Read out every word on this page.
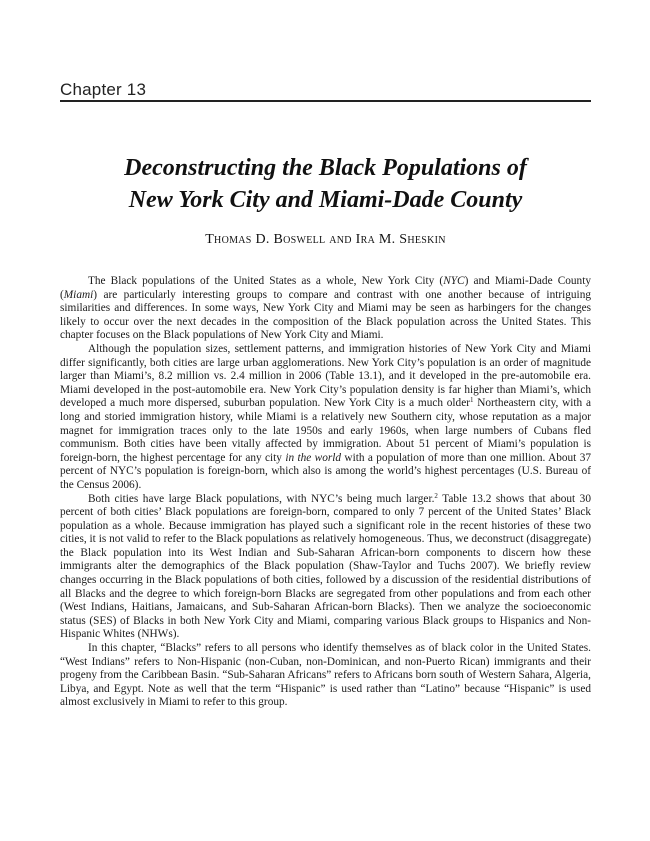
Chapter 13
Deconstructing the Black Populations of
New York City and Miami-Dade County
Thomas D. Boswell and Ira M. Sheskin

The Black populations of the United States as a whole, New York City (NYC) and Miami-Dade County (Miami) are particularly interesting groups to compare and contrast with one another because of intriguing similarities and differences. In some ways, New York City and Miami may be seen as harbingers for the changes likely to occur over the next decades in the composition of the Black population across the United States. This chapter focuses on the Black populations of New York City and Miami.

Although the population sizes, settlement patterns, and immigration histories of New York City and Miami differ significantly, both cities are large urban agglomerations. New York City’s population is an order of magnitude larger than Miami’s, 8.2 million vs. 2.4 million in 2006 (Table 13.1), and it developed in the pre-automobile era. Miami developed in the post-automobile era. New York City’s population density is far higher than Miami’s, which developed a much more dispersed, suburban population. New York City is a much older$^1$ Northeastern city, with a long and storied immigration history, while Miami is a relatively new Southern city, whose reputation as a major magnet for immigration traces only to the late 1950s and early 1960s, when large numbers of Cubans fled communism. Both cities have been vitally affected by immigration. About 51 percent of Miami’s population is foreign-born, the highest percentage for any city in the world with a population of more than one million. About 37 percent of NYC’s population is foreign-born, which also is among the world’s highest percentages (U.S. Bureau of the Census 2006).

Both cities have large Black populations, with NYC’s being much larger.$^2$ Table 13.2 shows that about 30 percent of both cities’ Black populations are foreign-born, compared to only 7 percent of the United States’ Black population as a whole. Because immigration has played such a significant role in the recent histories of these two cities, it is not valid to refer to the Black populations as relatively homogeneous. Thus, we deconstruct (disaggregate) the Black population into its West Indian and Sub-Saharan African-born components to discern how these immigrants alter the demographics of the Black population (Shaw-Taylor and Tuchs 2007). We briefly review changes occurring in the Black populations of both cities, followed by a discussion of the residential distributions of all Blacks and the degree to which foreign-born Blacks are segregated from other populations and from each other (West Indians, Haitians, Jamaicans, and Sub-Saharan African-born Blacks). Then we analyze the socioeconomic status (SES) of Blacks in both New York City and Miami, comparing various Black groups to Hispanics and Non-Hispanic Whites (NHWs).

In this chapter, “Blacks” refers to all persons who identify themselves as of black color in the United States. “West Indians” refers to Non-Hispanic (non-Cuban, non-Dominican, and non-Puerto Rican) immigrants and their progeny from the Caribbean Basin. “Sub-Saharan Africans” refers to Africans born south of Western Sahara, Algeria, Libya, and Egypt. Note as well that the term “Hispanic” is used rather than “Latino” because “Hispanic” is used almost exclusively in Miami to refer to this group.
